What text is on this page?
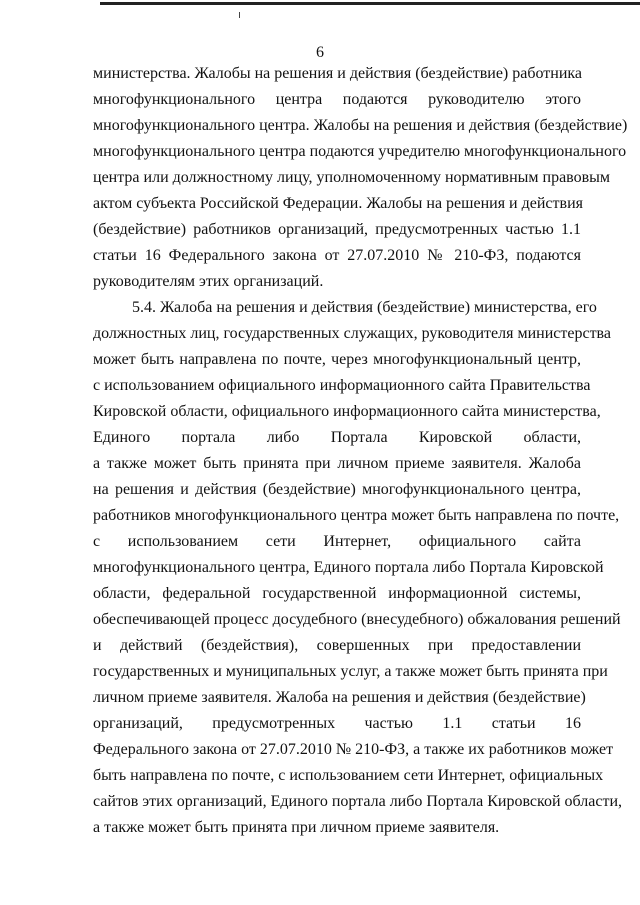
6
министерства. Жалобы на решения и действия (бездействие) работника
многофункционального центра подаются руководителю этого
многофункционального центра. Жалобы на решения и действия (бездействие)
многофункционального центра подаются учредителю многофункционального
центра или должностному лицу, уполномоченному нормативным правовым
актом субъекта Российской Федерации. Жалобы на решения и действия
(бездействие) работников организаций, предусмотренных частью 1.1
статьи 16 Федерального закона от 27.07.2010 № 210-ФЗ, подаются
руководителям этих организаций.
5.4. Жалоба на решения и действия (бездействие) министерства, его
должностных лиц, государственных служащих, руководителя министерства
может быть направлена по почте, через многофункциональный центр,
с использованием официального информационного сайта Правительства
Кировской области, официального информационного сайта министерства,
Единого портала либо Портала Кировской области,
а также может быть принята при личном приеме заявителя. Жалоба
на решения и действия (бездействие) многофункционального центра,
работников многофункционального центра может быть направлена по почте,
с использованием сети Интернет, официального сайта
многофункционального центра, Единого портала либо Портала Кировской
области, федеральной государственной информационной системы,
обеспечивающей процесс досудебного (внесудебного) обжалования решений
и действий (бездействия), совершенных при предоставлении
государственных и муниципальных услуг, а также может быть принята при
личном приеме заявителя. Жалоба на решения и действия (бездействие)
организаций, предусмотренных частью 1.1 статьи 16
Федерального закона от 27.07.2010 № 210-ФЗ, а также их работников может
быть направлена по почте, с использованием сети Интернет, официальных
сайтов этих организаций, Единого портала либо Портала Кировской области,
а также может быть принята при личном приеме заявителя.
